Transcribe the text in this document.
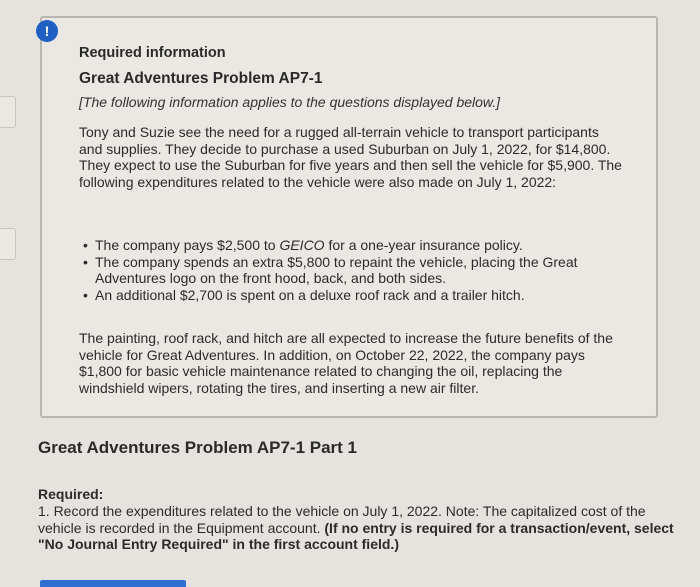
!
Required information
Great Adventures Problem AP7-1
[The following information applies to the questions displayed below.]
Tony and Suzie see the need for a rugged all-terrain vehicle to transport participants and supplies. They decide to purchase a used Suburban on July 1, 2022, for $14,800. They expect to use the Suburban for five years and then sell the vehicle for $5,900. The following expenditures related to the vehicle were also made on July 1, 2022:
• The company pays $2,500 to GEICO for a one-year insurance policy.
• The company spends an extra $5,800 to repaint the vehicle, placing the Great Adventures logo on the front hood, back, and both sides.
• An additional $2,700 is spent on a deluxe roof rack and a trailer hitch.
The painting, roof rack, and hitch are all expected to increase the future benefits of the vehicle for Great Adventures. In addition, on October 22, 2022, the company pays $1,800 for basic vehicle maintenance related to changing the oil, replacing the windshield wipers, rotating the tires, and inserting a new air filter.
Great Adventures Problem AP7-1 Part 1
Required:
1. Record the expenditures related to the vehicle on July 1, 2022. Note: The capitalized cost of the vehicle is recorded in the Equipment account. (If no entry is required for a transaction/event, select "No Journal Entry Required" in the first account field.)
